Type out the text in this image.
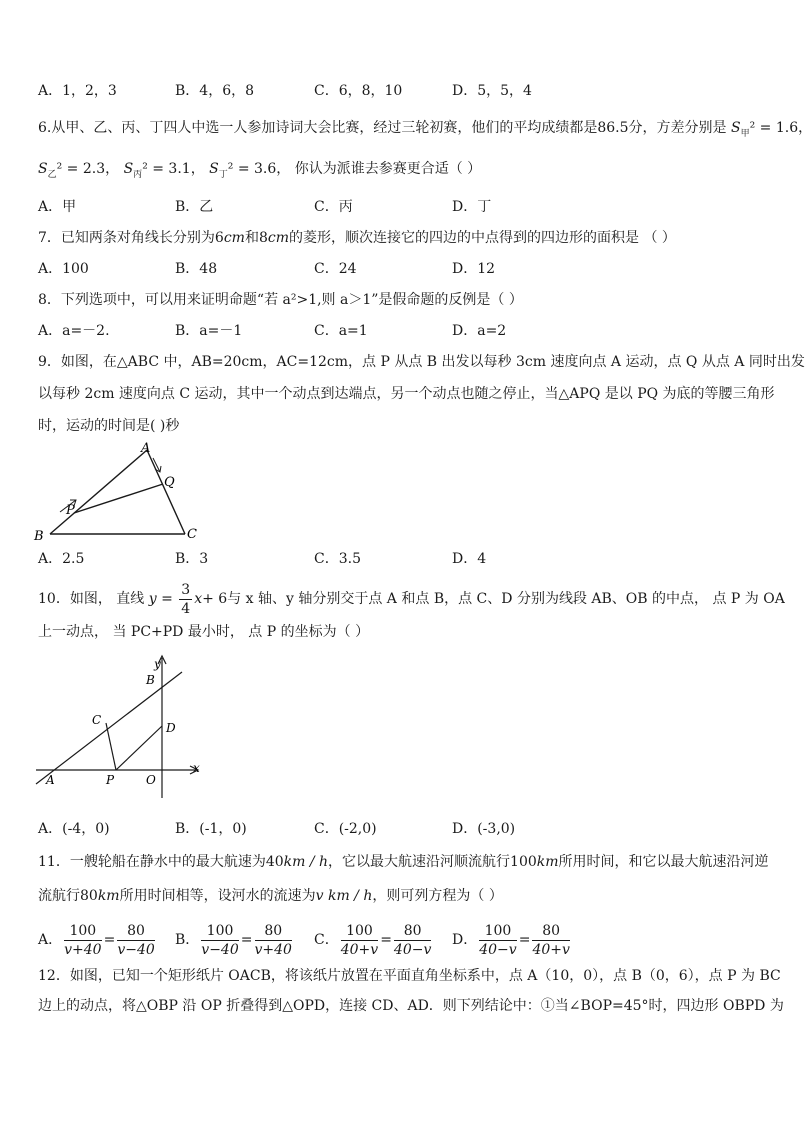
A．1，2，3	B．4，6，8	C．6，8，10	D．5，5，4
6.从甲、乙、丙、丁四人中选一人参加诗词大会比赛，经过三轮初赛，他们的平均成绩都是86.5分，方差分别是 $S_甲^2 = 1.6$，
$S_乙^2 = 2.3$， $S_丙^2 = 3.1$， $S_丁^2 = 3.6$， 你认为派谁去参赛更合适（ ）
A．甲	B．乙	C．丙	D．丁
7．已知两条对角线长分别为6cm和8cm的菱形，顺次连接它的四边的中点得到的四边形的面积是 （ ）
A．100	B．48	C．24	D．12
8．下列选项中，可以用来证明命题“若 a²>1,则 a＞1”是假命题的反例是（ ）
A．a=－2.	B．a=－1	C．a=1	D．a=2
9．如图，在△ABC 中，AB=20cm，AC=12cm，点 P 从点 B 出发以每秒 3cm 速度向点 A 运动，点 Q 从点 A 同时出发
以每秒 2cm 速度向点 C 运动，其中一个动点到达端点，另一个动点也随之停止，当△APQ 是以 PQ 为底的等腰三角形
时，运动的时间是( )秒
B
A
C
P
Q
A．2.5	B．3	C．3.5	D．4
10．如图， 直线 $y = \frac{3}{4} x+ 6$与 x 轴、y 轴分别交于点 A 和点 B，点 C、D 分别为线段 AB、OB 的中点， 点 P 为 OA
上一动点， 当 PC+PD 最小时， 点 P 的坐标为（ ）
y
x
B
C
D
A	P	O
A．(-4，0)	B．(-1，0)	C．(-2,0)	D．(-3,0)
11．一艘轮船在静水中的最大航速为40km / h，它以最大航速沿河顺流航行100km所用时间，和它以最大航速沿河逆
流航行80km所用时间相等，设河水的流速为v km / h，则可列方程为（ ）
A． $\frac{100}{v+40} = \frac{80}{v-40}$ B． $\frac{100}{v-40} = \frac{80}{v+40}$ C． $\frac{100}{40+v} = \frac{80}{40-v}$ D． $\frac{100}{40-v} = \frac{80}{40+v}$
12．如图，已知一个矩形纸片 OACB，将该纸片放置在平面直角坐标系中，点 A（10，0），点 B（0，6），点 P 为 BC
边上的动点，将△OBP 沿 OP 折叠得到△OPD，连接 CD、AD．则下列结论中：①当∠BOP=45°时，四边形 OBPD 为
